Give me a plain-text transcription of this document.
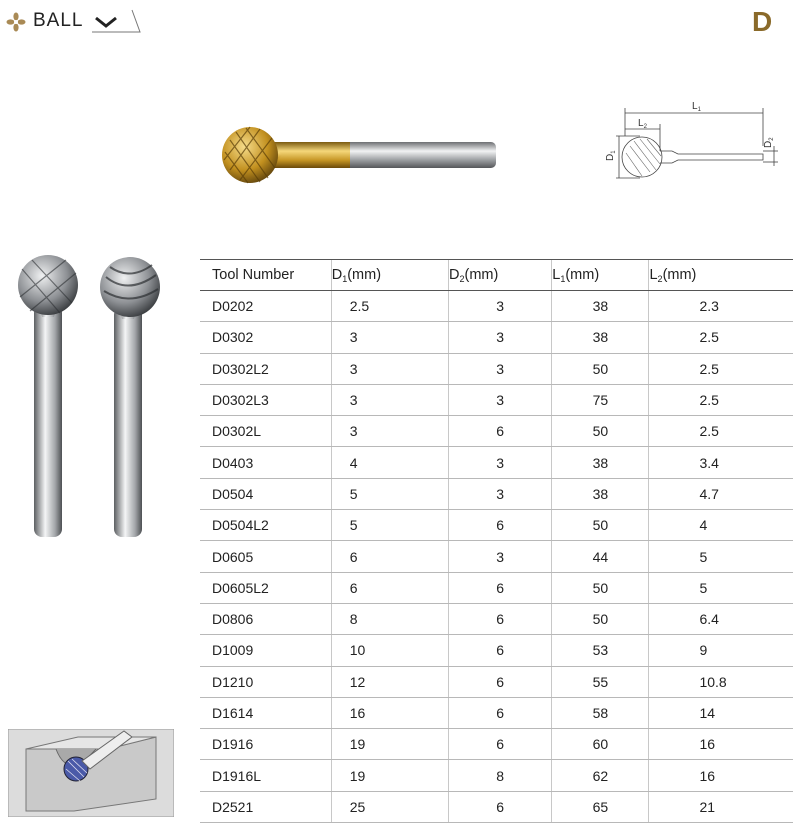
BALL	D
$L_1$
$L_2$
$D_1$
$D_2$
Tool Number	$D_1(mm)$	$D_2(mm)$	$L_1(mm)$	$L_2(mm)$
D0202	2.5	3	38	2.3
D0302	3	3	38	2.5
D0302L2	3	3	50	2.5
D0302L3	3	3	75	2.5
D0302L	3	6	50	2.5
D0403	4	3	38	3.4
D0504	5	3	38	4.7
D0504L2	5	6	50	4
D0605	6	3	44	5
D0605L2	6	6	50	5
D0806	8	6	50	6.4
D1009	10	6	53	9
D1210	12	6	55	10.8
D1614	16	6	58	14
D1916	19	6	60	16
D1916L	19	8	62	16
D2521	25	6	65	21
